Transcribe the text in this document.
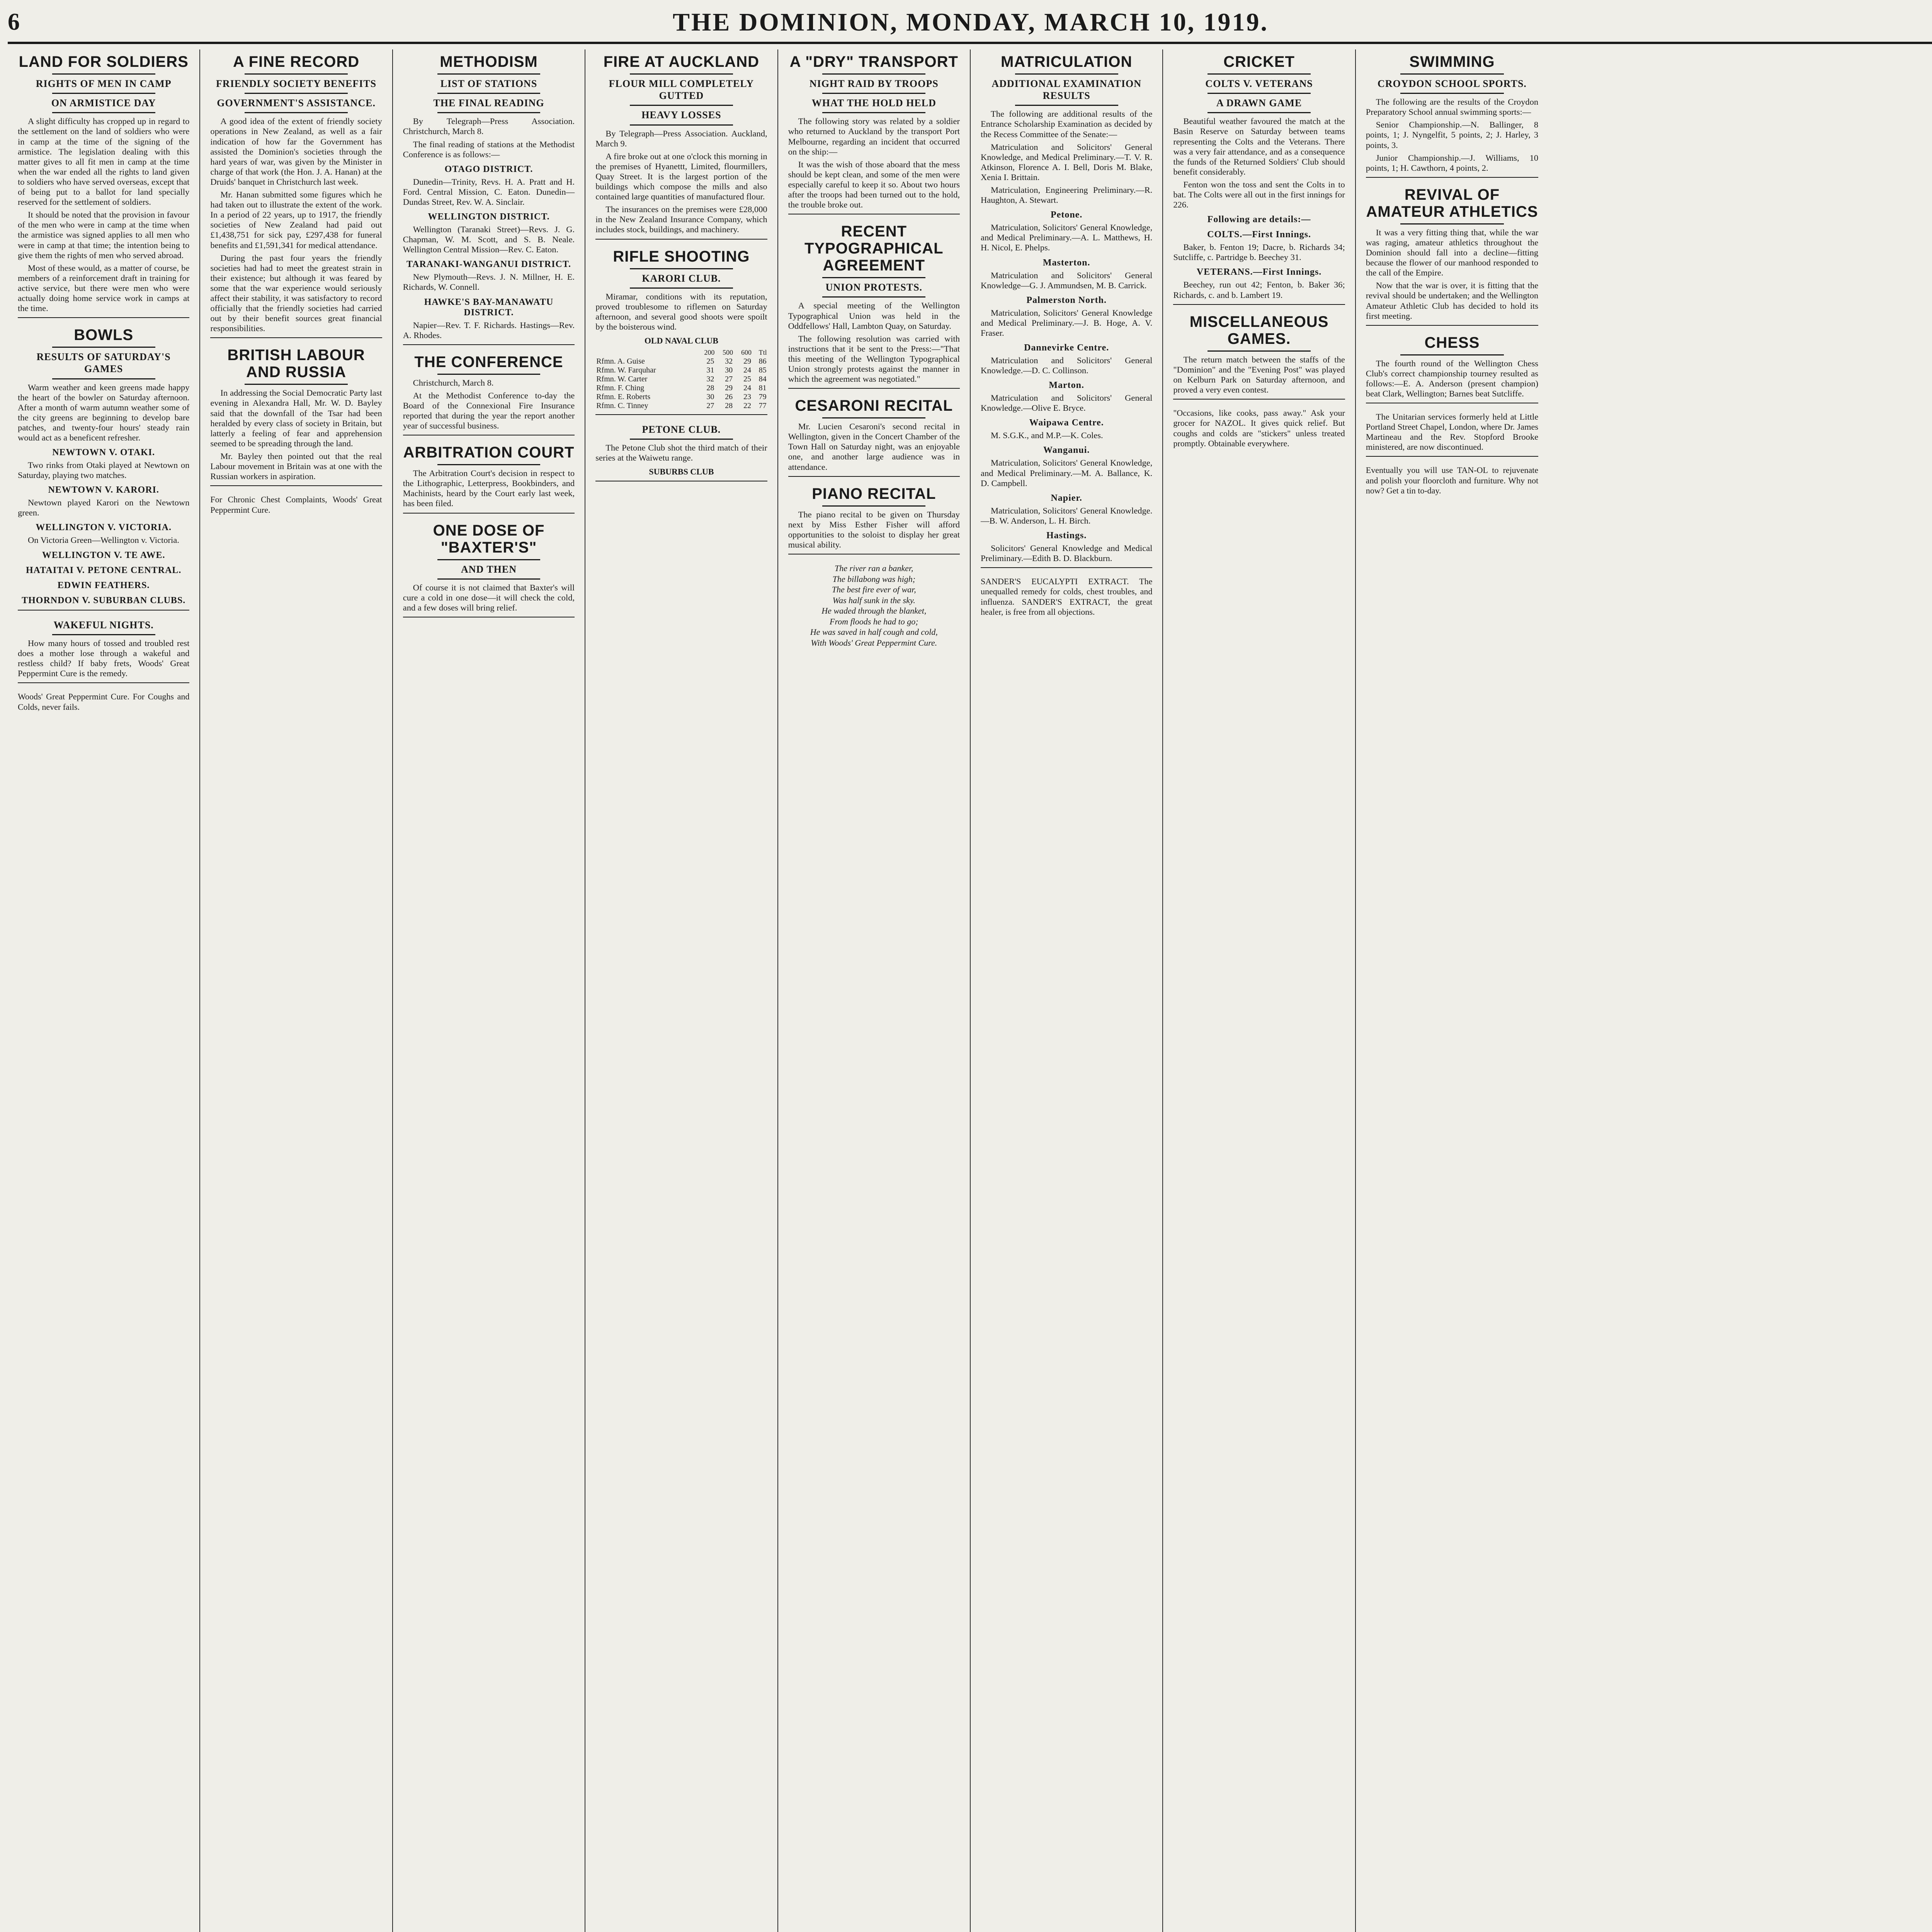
6	THE DOMINION, MONDAY, MARCH 10, 1919.
LAND FOR SOLDIERS
RIGHTS OF MEN IN CAMP
ON ARMISTICE DAY

A slight difficulty has cropped up in regard to the settlement on the land of soldiers who were in camp at the time of the signing of the armistice. The legislation dealing with this matter gives to all fit men in camp at the time when the war ended all the rights to land given to soldiers who have served overseas, except that of being put to a ballot for land specially reserved for the settlement of soldiers.

It should be noted that the provision in favour of the men who were in camp at the time when the armistice was signed applies to all men who were in camp at that time; the intention being to give them the rights of men who served abroad.

Most of these would, as a matter of course, be members of a reinforcement draft in training for active service, but there were men who were actually doing home service work in camps at the time.

BOWLS
RESULTS OF SATURDAY'S GAMES

Warm weather and keen greens made happy the heart of the bowler on Saturday afternoon. After a month of warm autumn weather some of the city greens are beginning to develop bare patches, and twenty-four hours' steady rain would act as a beneficent refresher.

NEWTOWN V. OTAKI.

Two rinks from Otaki played at Newtown on Saturday, playing two matches.

NEWTOWN V. KARORI.

Newtown played Karori on the Newtown green.

WELLINGTON V. VICTORIA.

On Victoria Green—Wellington v. Victoria.

WELLINGTON V. TE AWE.
HATAITAI V. PETONE CENTRAL.
EDWIN FEATHERS.
THORNDON V. SUBURBAN CLUBS.
WAKEFUL NIGHTS.

How many hours of tossed and troubled rest does a mother lose through a wakeful and restless child? If baby frets, Woods' Great Peppermint Cure is the remedy.

Woods' Great Peppermint Cure. For Coughs and Colds, never fails.
A FINE RECORD
FRIENDLY SOCIETY BENEFITS
GOVERNMENT'S ASSISTANCE.

A good idea of the extent of friendly society operations in New Zealand, as well as a fair indication of how far the Government has assisted the Dominion's societies through the hard years of war, was given by the Minister in charge of that work (the Hon. J. A. Hanan) at the Druids' banquet in Christchurch last week.

Mr. Hanan submitted some figures which he had taken out to illustrate the extent of the work. In a period of 22 years, up to 1917, the friendly societies of New Zealand had paid out £1,438,751 for sick pay, £297,438 for funeral benefits and £1,591,341 for medical attendance.

During the past four years the friendly societies had had to meet the greatest strain in their existence; but although it was feared by some that the war experience would seriously affect their stability, it was satisfactory to record officially that the friendly societies had carried out by their benefit sources great financial responsibilities.

BRITISH LABOUR AND RUSSIA

In addressing the Social Democratic Party last evening in Alexandra Hall, Mr. W. D. Bayley said that the downfall of the Tsar had been heralded by every class of society in Britain, but latterly a feeling of fear and apprehension seemed to be spreading through the land.

Mr. Bayley then pointed out that the real Labour movement in Britain was at one with the Russian workers in aspiration.

For Chronic Chest Complaints, Woods' Great Peppermint Cure.
METHODISM
LIST OF STATIONS
THE FINAL READING

By Telegraph—Press Association. Christchurch, March 8.

The final reading of stations at the Methodist Conference is as follows:—

OTAGO DISTRICT.

Dunedin—Trinity, Revs. H. A. Pratt and H. Ford. Central Mission, C. Eaton. Dunedin—Dundas Street, Rev. W. A. Sinclair.

WELLINGTON DISTRICT.

Wellington (Taranaki Street)—Revs. J. G. Chapman, W. M. Scott, and S. B. Neale. Wellington Central Mission—Rev. C. Eaton.

TARANAKI-WANGANUI DISTRICT.

New Plymouth—Revs. J. N. Millner, H. E. Richards, W. Connell.

HAWKE'S BAY-MANAWATU DISTRICT.

Napier—Rev. T. F. Richards. Hastings—Rev. A. Rhodes.

THE CONFERENCE

Christchurch, March 8.

At the Methodist Conference to-day the Board of the Connexional Fire Insurance reported that during the year the report another year of successful business.

ARBITRATION COURT

The Arbitration Court's decision in respect to the Lithographic, Letterpress, Bookbinders, and Machinists, heard by the Court early last week, has been filed.

ONE DOSE OF "BAXTER'S"
AND THEN

Of course it is not claimed that Baxter's will cure a cold in one dose—it will check the cold, and a few doses will bring relief.

FIRE AT AUCKLAND
FLOUR MILL COMPLETELY GUTTED
HEAVY LOSSES

By Telegraph—Press Association. Auckland, March 9.

A fire broke out at one o'clock this morning in the premises of Hyanettt, Limited, flourmillers, Quay Street. It is the largest portion of the buildings which compose the mills and also contained large quantities of manufactured flour.

The insurances on the premises were £28,000 in the New Zealand Insurance Company, which includes stock, buildings, and machinery.

RIFLE SHOOTING
KARORI CLUB.

Miramar, conditions with its reputation, proved troublesome to riflemen on Saturday afternoon, and several good shoots were spoilt by the boisterous wind.

OLD NAVAL CLUB
	200	500	600	Ttl
Rfmn. A. Guise	25	32	29	86
Rfmn. W. Farquhar	31	30	24	85
Rfmn. W. Carter	32	27	25	84
Rfmn. F. Ching	28	29	24	81
Rfmn. E. Roberts	30	26	23	79
Rfmn. C. Tinney	27	28	22	77
PETONE CLUB.

The Petone Club shot the third match of their series at the Waiwetu range.

SUBURBS CLUB
A "DRY" TRANSPORT
NIGHT RAID BY TROOPS
WHAT THE HOLD HELD

The following story was related by a soldier who returned to Auckland by the transport Port Melbourne, regarding an incident that occurred on the ship:—

It was the wish of those aboard that the mess should be kept clean, and some of the men were especially careful to keep it so. About two hours after the troops had been turned out to the hold, the trouble broke out.

RECENT TYPOGRAPHICAL AGREEMENT
UNION PROTESTS.

A special meeting of the Wellington Typographical Union was held in the Oddfellows' Hall, Lambton Quay, on Saturday.

The following resolution was carried with instructions that it be sent to the Press:—"That this meeting of the Wellington Typographical Union strongly protests against the manner in which the agreement was negotiated."

CESARONI RECITAL

Mr. Lucien Cesaroni's second recital in Wellington, given in the Concert Chamber of the Town Hall on Saturday night, was an enjoyable one, and another large audience was in attendance.

PIANO RECITAL

The piano recital to be given on Thursday next by Miss Esther Fisher will afford opportunities to the soloist to display her great musical ability.

The river ran a banker,
The billabong was high;
The best fire ever of war,
Was half sunk in the sky.
He waded through the blanket,
From floods he had to go;
He was saved in half cough and cold,
With Woods' Great Peppermint Cure.
MATRICULATION
ADDITIONAL EXAMINATION RESULTS

The following are additional results of the Entrance Scholarship Examination as decided by the Recess Committee of the Senate:—

Matriculation and Solicitors' General Knowledge, and Medical Preliminary.—T. V. R. Atkinson, Florence A. I. Bell, Doris M. Blake, Xenia I. Brittain.

Matriculation, Engineering Preliminary.—R. Haughton, A. Stewart.

Petone.

Matriculation, Solicitors' General Knowledge, and Medical Preliminary.—A. L. Matthews, H. H. Nicol, E. Phelps.

Masterton.

Matriculation and Solicitors' General Knowledge—G. J. Ammundsen, M. B. Carrick.

Palmerston North.

Matriculation, Solicitors' General Knowledge and Medical Preliminary.—J. B. Hoge, A. V. Fraser.

Dannevirke Centre.

Matriculation and Solicitors' General Knowledge.—D. C. Collinson.

Marton.

Matriculation and Solicitors' General Knowledge.—Olive E. Bryce.

Waipawa Centre.

M. S.G.K., and M.P.—K. Coles.

Wanganui.

Matriculation, Solicitors' General Knowledge, and Medical Preliminary.—M. A. Ballance, K. D. Campbell.

Napier.

Matriculation, Solicitors' General Knowledge.—B. W. Anderson, L. H. Birch.

Hastings.

Solicitors' General Knowledge and Medical Preliminary.—Edith B. D. Blackburn.

SANDER'S EUCALYPTI EXTRACT. The unequalled remedy for colds, chest troubles, and influenza. SANDER'S EXTRACT, the great healer, is free from all objections.
CRICKET
COLTS V. VETERANS
A DRAWN GAME

Beautiful weather favoured the match at the Basin Reserve on Saturday between teams representing the Colts and the Veterans. There was a very fair attendance, and as a consequence the funds of the Returned Soldiers' Club should benefit considerably.

Fenton won the toss and sent the Colts in to bat. The Colts were all out in the first innings for 226.

Following are details:—
COLTS.—First Innings.

Baker, b. Fenton 19; Dacre, b. Richards 34; Sutcliffe, c. Partridge b. Beechey 31.

VETERANS.—First Innings.

Beechey, run out 42; Fenton, b. Baker 36; Richards, c. and b. Lambert 19.

MISCELLANEOUS GAMES.

The return match between the staffs of the "Dominion" and the "Evening Post" was played on Kelburn Park on Saturday afternoon, and proved a very even contest.

"Occasions, like cooks, pass away." Ask your grocer for NAZOL. It gives quick relief. But coughs and colds are "stickers" unless treated promptly. Obtainable everywhere.
SWIMMING
CROYDON SCHOOL SPORTS.

The following are the results of the Croydon Preparatory School annual swimming sports:—

Senior Championship.—N. Ballinger, 8 points, 1; J. Nyngelfit, 5 points, 2; J. Harley, 3 points, 3.

Junior Championship.—J. Williams, 10 points, 1; H. Cawthorn, 4 points, 2.

REVIVAL OF AMATEUR ATHLETICS

It was a very fitting thing that, while the war was raging, amateur athletics throughout the Dominion should fall into a decline—fitting because the flower of our manhood responded to the call of the Empire.

Now that the war is over, it is fitting that the revival should be undertaken; and the Wellington Amateur Athletic Club has decided to hold its first meeting.

CHESS

The fourth round of the Wellington Chess Club's correct championship tourney resulted as follows:—E. A. Anderson (present champion) beat Clark, Wellington; Barnes beat Sutcliffe.

The Unitarian services formerly held at Little Portland Street Chapel, London, where Dr. James Martineau and the Rev. Stopford Brooke ministered, are now discontinued.

Eventually you will use TAN-OL to rejuvenate and polish your floorcloth and furniture. Why not now? Get a tin to-day.
